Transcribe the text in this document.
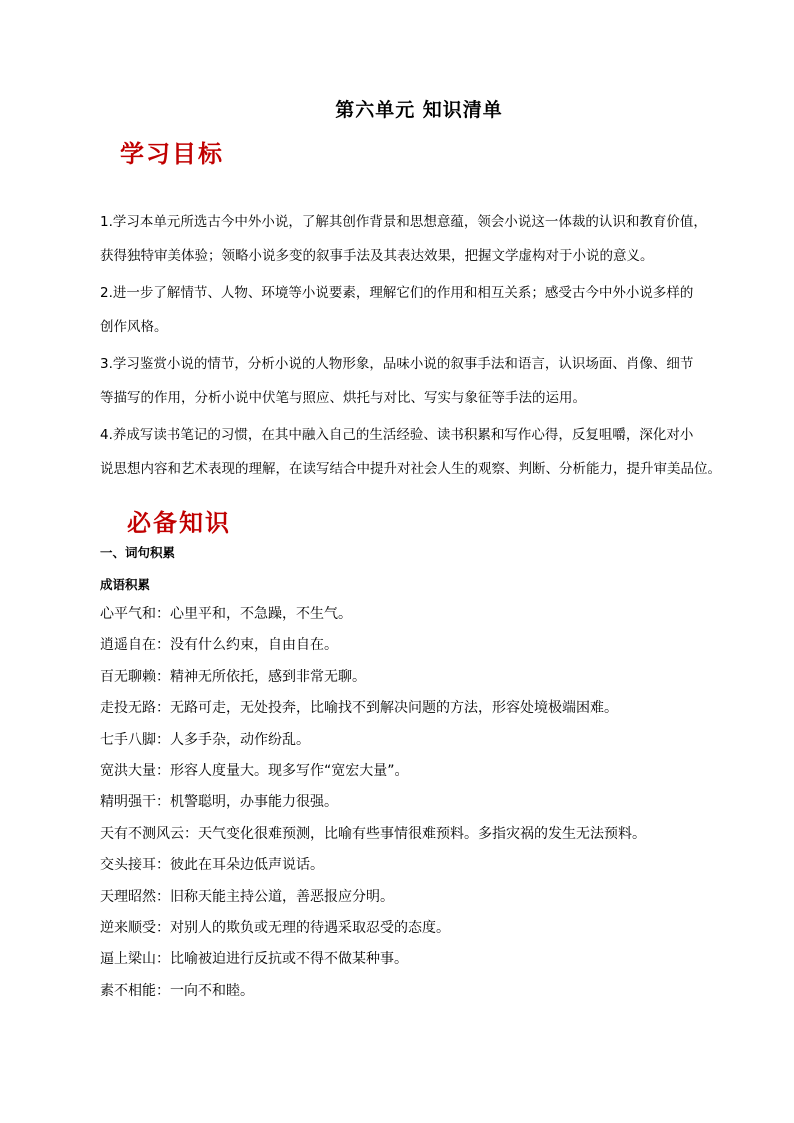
第六单元 知识清单
学习目标

1.学习本单元所选古今中外小说，了解其创作背景和思想意蕴，领会小说这一体裁的认识和教育价值，
获得独特审美体验；领略小说多变的叙事手法及其表达效果，把握文学虚构对于小说的意义。

2.进一步了解情节、人物、环境等小说要素，理解它们的作用和相互关系；感受古今中外小说多样的
创作风格。

3.学习鉴赏小说的情节，分析小说的人物形象，品味小说的叙事手法和语言，认识场面、肖像、细节
等描写的作用，分析小说中伏笔与照应、烘托与对比、写实与象征等手法的运用。

4.养成写读书笔记的习惯，在其中融入自己的生活经验、读书积累和写作心得，反复咀嚼，深化对小
说思想内容和艺术表现的理解，在读写结合中提升对社会人生的观察、判断、分析能力，提升审美品位。

必备知识
一、词句积累
成语积累
心平气和：心里平和，不急躁，不生气。
逍遥自在：没有什么约束，自由自在。
百无聊赖：精神无所依托，感到非常无聊。
走投无路：无路可走，无处投奔，比喻找不到解决问题的方法，形容处境极端困难。
七手八脚：人多手杂，动作纷乱。
宽洪大量：形容人度量大。现多写作“宽宏大量”。
精明强干：机警聪明，办事能力很强。
天有不测风云：天气变化很难预测，比喻有些事情很难预料。多指灾祸的发生无法预料。
交头接耳：彼此在耳朵边低声说话。
天理昭然：旧称天能主持公道，善恶报应分明。
逆来顺受：对别人的欺负或无理的待遇采取忍受的态度。
逼上梁山：比喻被迫进行反抗或不得不做某种事。
素不相能：一向不和睦。
